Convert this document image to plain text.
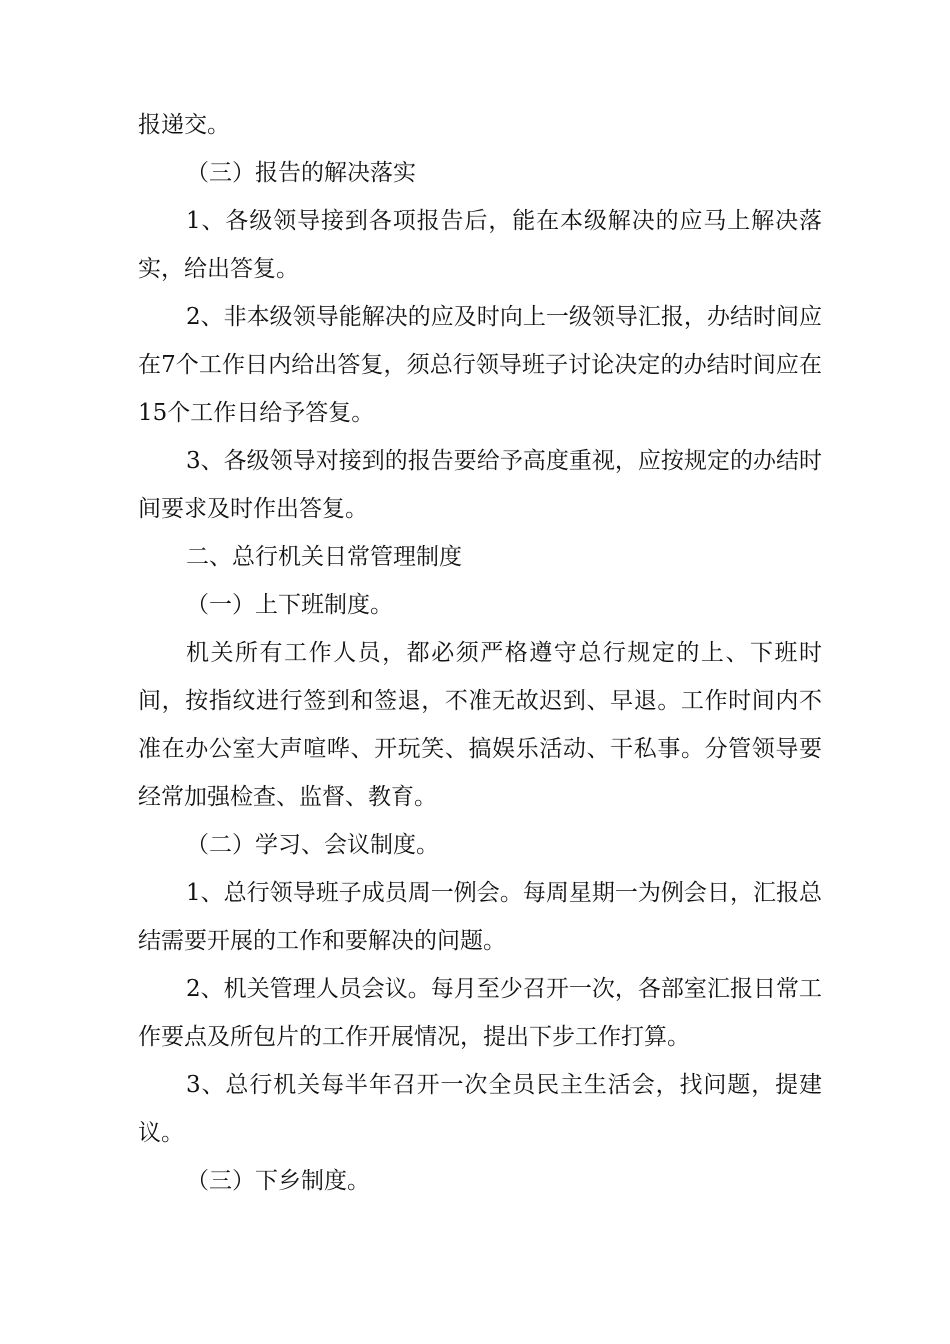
报递交。

（三）报告的解决落实

1、各级领导接到各项报告后，能在本级解决的应马上解决落实，给出答复。

2、非本级领导能解决的应及时向上一级领导汇报，办结时间应在7个工作日内给出答复，须总行领导班子讨论决定的办结时间应在15个工作日给予答复。

3、各级领导对接到的报告要给予高度重视，应按规定的办结时间要求及时作出答复。

二、总行机关日常管理制度

（一）上下班制度。

机关所有工作人员，都必须严格遵守总行规定的上、下班时间，按指纹进行签到和签退，不准无故迟到、早退。工作时间内不准在办公室大声喧哗、开玩笑、搞娱乐活动、干私事。分管领导要经常加强检查、监督、教育。

（二）学习、会议制度。

1、总行领导班子成员周一例会。每周星期一为例会日，汇报总结需要开展的工作和要解决的问题。

2、机关管理人员会议。每月至少召开一次，各部室汇报日常工作要点及所包片的工作开展情况，提出下步工作打算。

3、总行机关每半年召开一次全员民主生活会，找问题，提建议。

（三）下乡制度。
